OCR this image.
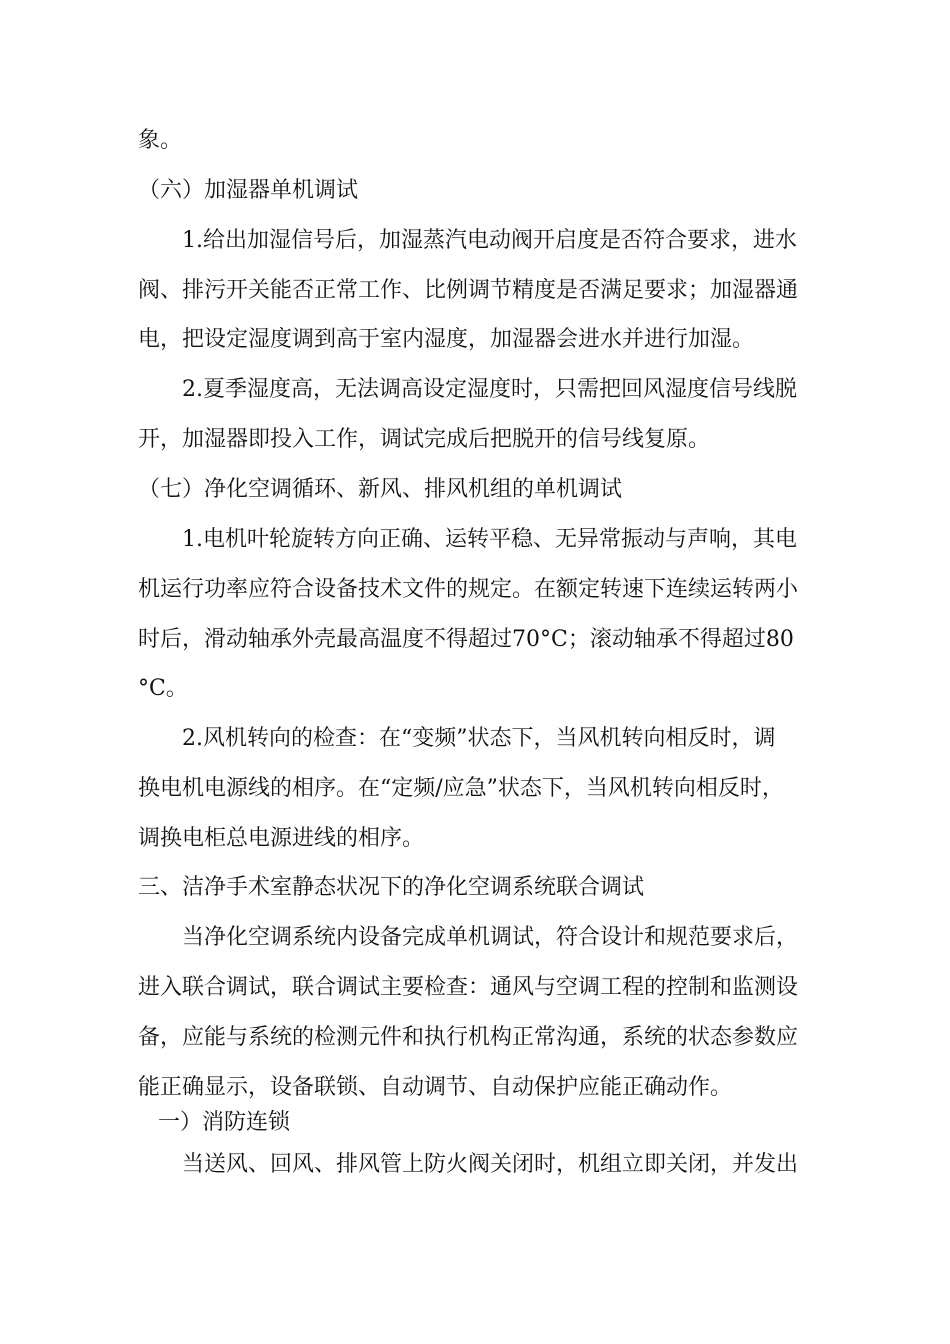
象。
（六）加湿器单机调试
1.给出加湿信号后，加湿蒸汽电动阀开启度是否符合要求，进水
阀、排污开关能否正常工作、比例调节精度是否满足要求；加湿器通
电，把设定湿度调到高于室内湿度，加湿器会进水并进行加湿。
2.夏季湿度高，无法调高设定湿度时，只需把回风湿度信号线脱
开，加湿器即投入工作，调试完成后把脱开的信号线复原。
（七）净化空调循环、新风、排风机组的单机调试
1.电机叶轮旋转方向正确、运转平稳、无异常振动与声响，其电
机运行功率应符合设备技术文件的规定。在额定转速下连续运转两小
时后，滑动轴承外壳最高温度不得超过70°C；滚动轴承不得超过80
°C。
2.风机转向的检查：在“变频”状态下，当风机转向相反时，调
换电机电源线的相序。在“定频/应急”状态下，当风机转向相反时，
调换电柜总电源进线的相序。
三、洁净手术室静态状况下的净化空调系统联合调试
当净化空调系统内设备完成单机调试，符合设计和规范要求后，
进入联合调试，联合调试主要检查：通风与空调工程的控制和监测设
备，应能与系统的检测元件和执行机构正常沟通，系统的状态参数应
能正确显示，设备联锁、自动调节、自动保护应能正确动作。
一）消防连锁
当送风、回风、排风管上防火阀关闭时，机组立即关闭，并发出
